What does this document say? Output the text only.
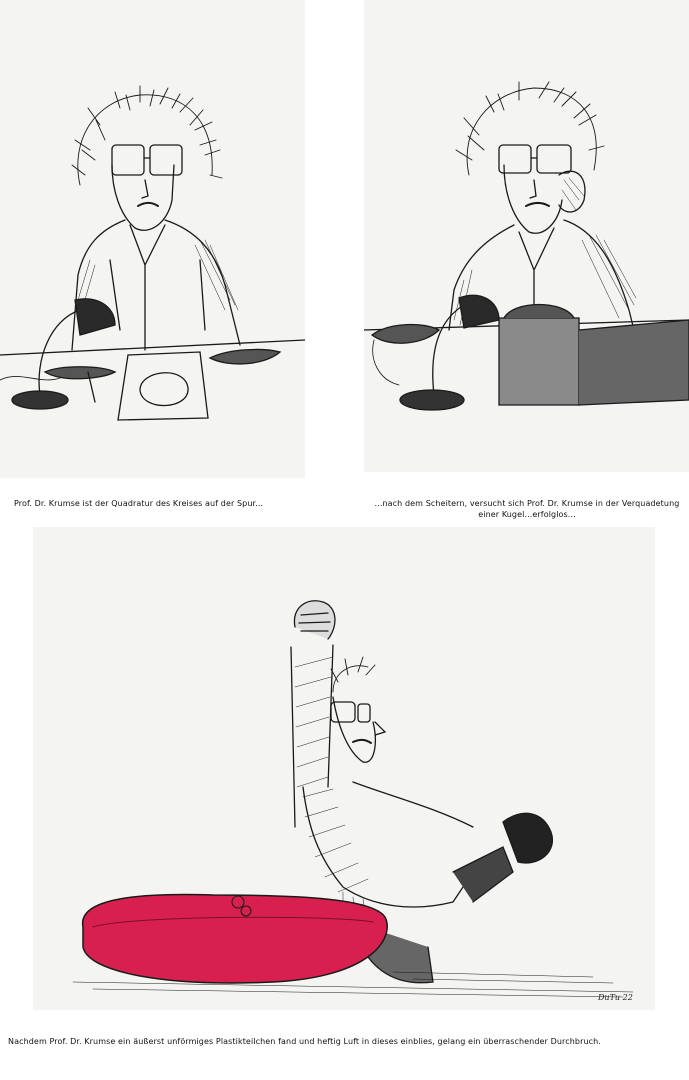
Prof. Dr. Krumse ist der Quadratur des Kreises auf der Spur...	...nach dem Scheitern, versucht sich Prof. Dr. Krumse in der Verquadetung einer Kugel...erfolglos...
DuTu 22
Nachdem Prof. Dr. Krumse ein äußerst unförmiges Plastikteilchen fand und heftig Luft in dieses einblies, gelang ein überraschender Durchbruch.
